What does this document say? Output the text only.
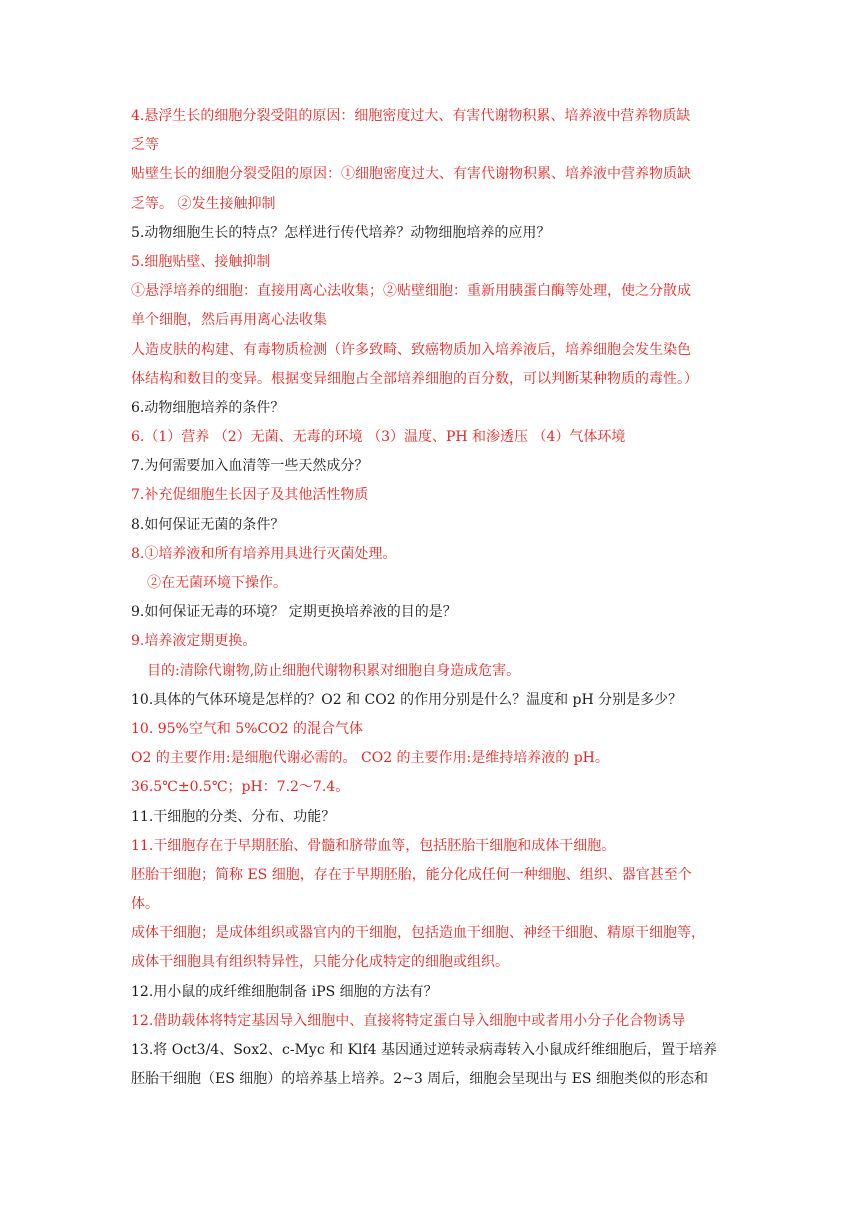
4.悬浮生长的细胞分裂受阻的原因：细胞密度过大、有害代谢物积累、培养液中营养物质缺
乏等
贴壁生长的细胞分裂受阻的原因：①细胞密度过大、有害代谢物积累、培养液中营养物质缺
乏等。 ②发生接触抑制
5.动物细胞生长的特点？怎样进行传代培养？动物细胞培养的应用？
5.细胞贴壁、接触抑制
①悬浮培养的细胞：直接用离心法收集；②贴壁细胞：重新用胰蛋白酶等处理，使之分散成
单个细胞，然后再用离心法收集
人造皮肤的构建、有毒物质检测（许多致畸、致癌物质加入培养液后，培养细胞会发生染色
体结构和数目的变异。根据变异细胞占全部培养细胞的百分数，可以判断某种物质的毒性。）
6.动物细胞培养的条件？
6.（1）营养 （2）无菌、无毒的环境 （3）温度、PH 和渗透压 （4）气体环境
7.为何需要加入血清等一些天然成分？
7.补充促细胞生长因子及其他活性物质
8.如何保证无菌的条件？
8.①培养液和所有培养用具进行灭菌处理。
②在无菌环境下操作。
9.如何保证无毒的环境？ 定期更换培养液的目的是？
9.培养液定期更换。
目的:清除代谢物,防止细胞代谢物积累对细胞自身造成危害。
10.具体的气体环境是怎样的？O2 和 CO2 的作用分别是什么？温度和 pH 分别是多少？
10. 95%空气和 5%CO2 的混合气体
O2 的主要作用:是细胞代谢必需的。 CO2 的主要作用:是维持培养液的 pH。
36.5℃±0.5℃；pH：7.2～7.4。
11.干细胞的分类、分布、功能？
11.干细胞存在于早期胚胎、骨髓和脐带血等，包括胚胎干细胞和成体干细胞。
胚胎干细胞；简称 ES 细胞，存在于早期胚胎，能分化成任何一种细胞、组织、器官甚至个
体。
成体干细胞；是成体组织或器官内的干细胞，包括造血干细胞、神经干细胞、精原干细胞等，
成体干细胞具有组织特异性，只能分化成特定的细胞或组织。
12.用小鼠的成纤维细胞制备 iPS 细胞的方法有？
12.借助载体将特定基因导入细胞中、直接将特定蛋白导入细胞中或者用小分子化合物诱导
13.将 Oct3/4、Sox2、c-Myc 和 Klf4 基因通过逆转录病毒转入小鼠成纤维细胞后，置于培养
胚胎干细胞（ES 细胞）的培养基上培养。2~3 周后，细胞会呈现出与 ES 细胞类似的形态和
